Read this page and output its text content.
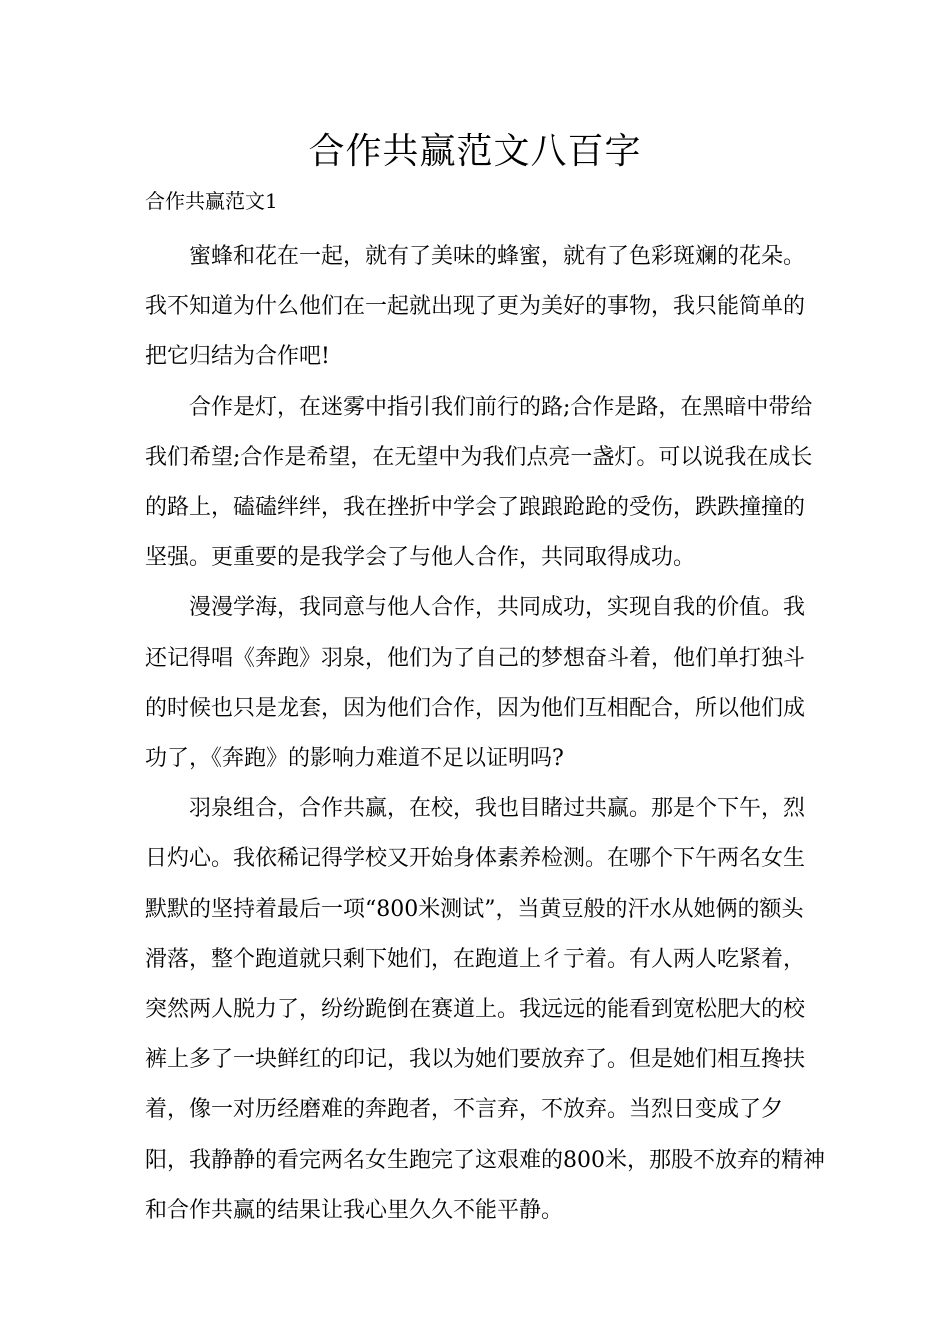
合作共赢范文八百字

合作共赢范文1

蜜蜂和花在一起，就有了美味的蜂蜜，就有了色彩斑斓的花朵。我不知道为什么他们在一起就出现了更为美好的事物，我只能简单的把它归结为合作吧!

合作是灯，在迷雾中指引我们前行的路;合作是路，在黑暗中带给我们希望;合作是希望，在无望中为我们点亮一盏灯。可以说我在成长的路上，磕磕绊绊，我在挫折中学会了踉踉跄跄的受伤，跌跌撞撞的坚强。更重要的是我学会了与他人合作，共同取得成功。

漫漫学海，我同意与他人合作，共同成功，实现自我的价值。我还记得唱《奔跑》羽泉，他们为了自己的梦想奋斗着，他们单打独斗的时候也只是龙套，因为他们合作，因为他们互相配合，所以他们成功了，《奔跑》的影响力难道不足以证明吗?

羽泉组合，合作共赢，在校，我也目睹过共赢。那是个下午，烈日灼心。我依稀记得学校又开始身体素养检测。在哪个下午两名女生默默的坚持着最后一项“800米测试”，当黄豆般的汗水从她俩的额头滑落，整个跑道就只剩下她们，在跑道上彳亍着。有人两人吃紧着，突然两人脱力了，纷纷跪倒在赛道上。我远远的能看到宽松肥大的校裤上多了一块鲜红的印记，我以为她们要放弃了。但是她们相互搀扶着，像一对历经磨难的奔跑者，不言弃，不放弃。当烈日变成了夕阳，我静静的看完两名女生跑完了这艰难的800米，那股不放弃的精神和合作共赢的结果让我心里久久不能平静。
